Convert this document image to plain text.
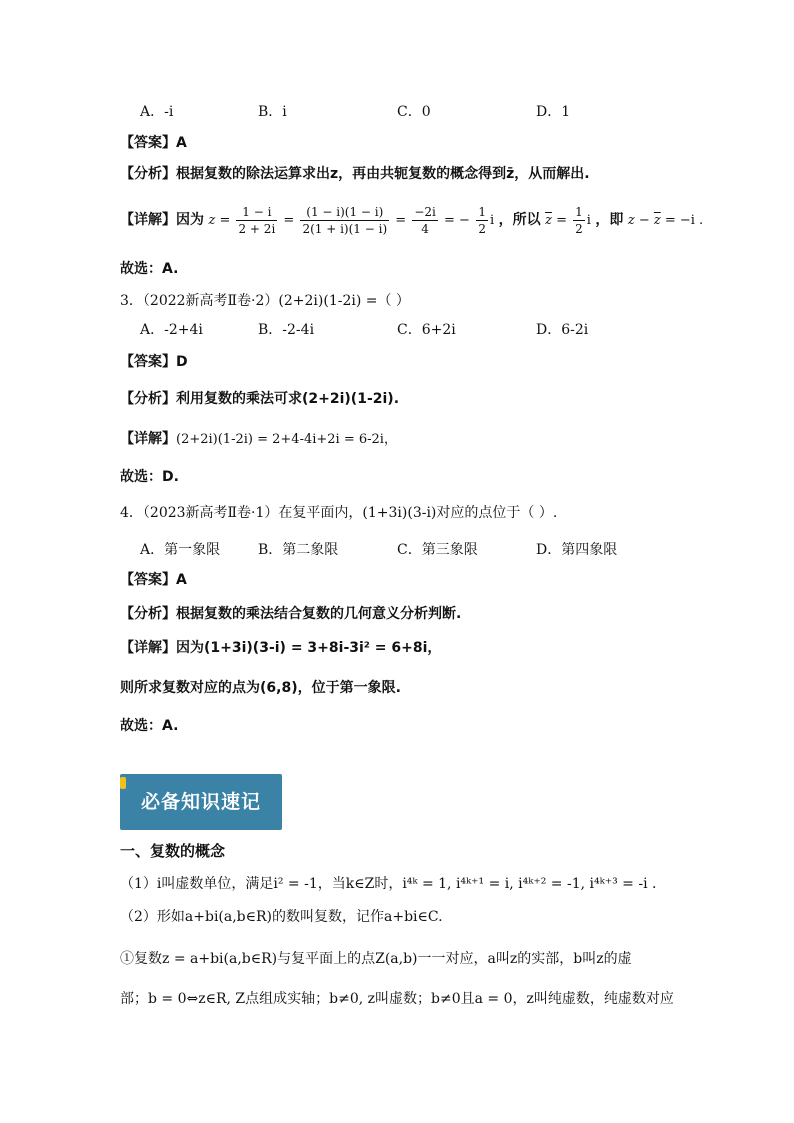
A．-i	B．i	C．0	D．1
【答案】A
【分析】根据复数的除法运算求出z，再由共轭复数的概念得到z̄，从而解出.
【详解】因为 $z = \frac{1 - i}{2 + 2i} = \frac{(1 - i)(1 - i)}{2(1 + i)(1 - i)} = \frac{-2i}{4}$ = − $\frac{1}{2}$ i ，所以 $\overline{z} = \frac{1}{2}$ i ，即 $z - \overline{z} = -i$ .
故选：A.
3．（2022新高考Ⅱ卷·2）(2+2i)(1-2i) =（ ）
A．-2+4i	B．-2-4i	C．6+2i	D．6-2i
【答案】D
【分析】利用复数的乘法可求(2+2i)(1-2i).
【详解】(2+2i)(1-2i) = 2+4-4i+2i = 6-2i，
故选：D.
4．（2023新高考Ⅱ卷·1）在复平面内，(1+3i)(3-i)对应的点位于（ ）.
A．第一象限	B．第二象限	C．第三象限	D．第四象限
【答案】A
【分析】根据复数的乘法结合复数的几何意义分析判断.
【详解】因为(1+3i)(3-i) = 3+8i-3i² = 6+8i，
则所求复数对应的点为(6,8)，位于第一象限.
故选：A.
必备知识速记
一、复数的概念
（1）i叫虚数单位，满足i² = -1，当k∈Z时，i⁴ᵏ = 1, i⁴ᵏ⁺¹ = i, i⁴ᵏ⁺² = -1, i⁴ᵏ⁺³ = -i .
（2）形如a+bi(a,b∈R)的数叫复数，记作a+bi∈C.
①复数z = a+bi(a,b∈R)与复平面上的点Z(a,b)一一对应，a叫z的实部，b叫z的虚
部；b = 0⇔z∈R, Z点组成实轴；b≠0, z叫虚数；b≠0且a = 0，z叫纯虚数，纯虚数对应
